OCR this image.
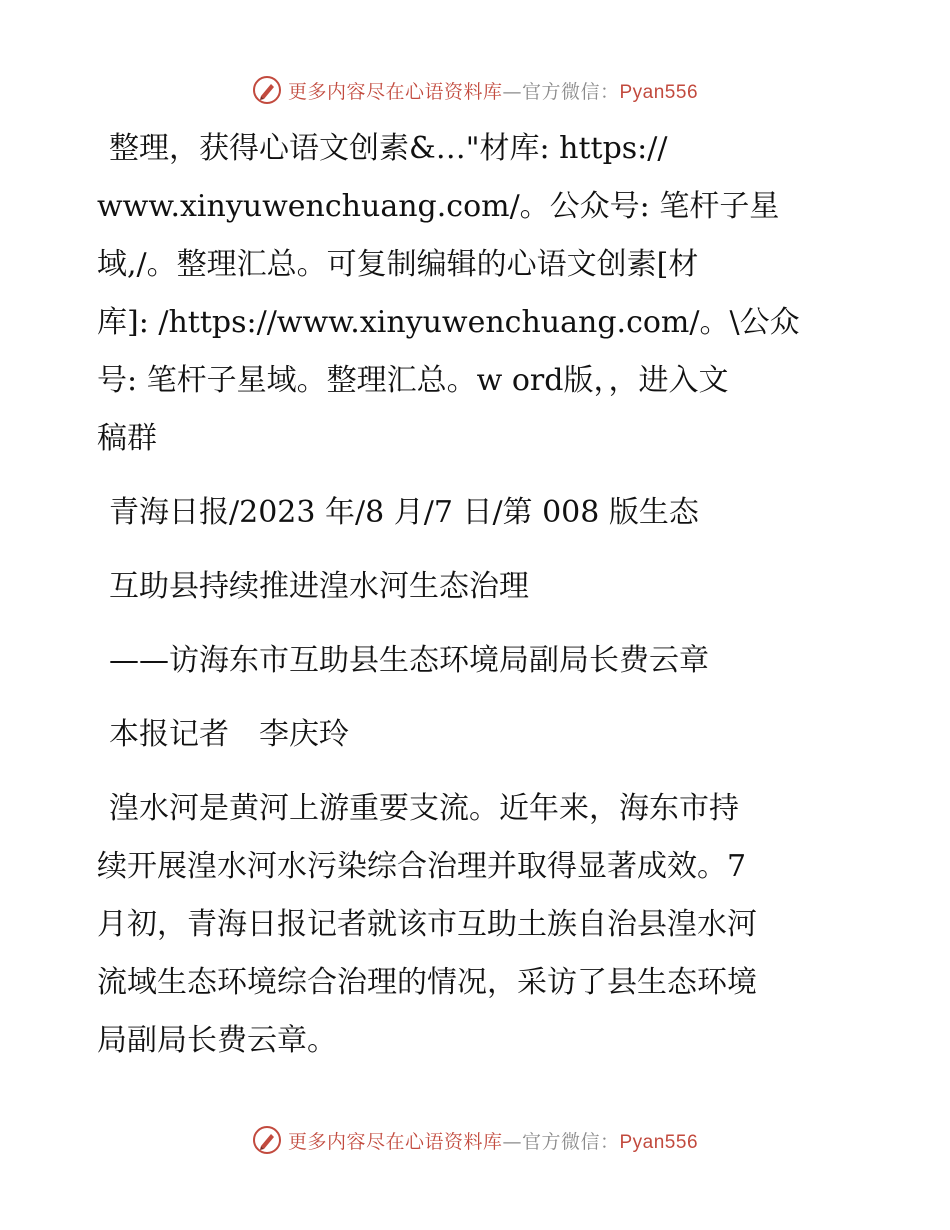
更多内容尽在心语资料库—官方微信：Pyan556
整理，获得心语文创素&…"材库: https://
www.xinyuwenchuang.com/。公众号: 笔杆子星
域,/。整理汇总。可复制编辑的心语文创素[材
库]: /https://www.xinyuwenchuang.com/。\公众
号: 笔杆子星域。整理汇总。w ord版，，进入文
稿群
青海日报/2023 年/8 月/7 日/第 008 版生态
互助县持续推进湟水河生态治理
——访海东市互助县生态环境局副局长费云章
本报记者　李庆玲
湟水河是黄河上游重要支流。近年来，海东市持
续开展湟水河水污染综合治理并取得显著成效。7
月初，青海日报记者就该市互助土族自治县湟水河
流域生态环境综合治理的情况，采访了县生态环境
局副局长费云章。
更多内容尽在心语资料库—官方微信：Pyan556
